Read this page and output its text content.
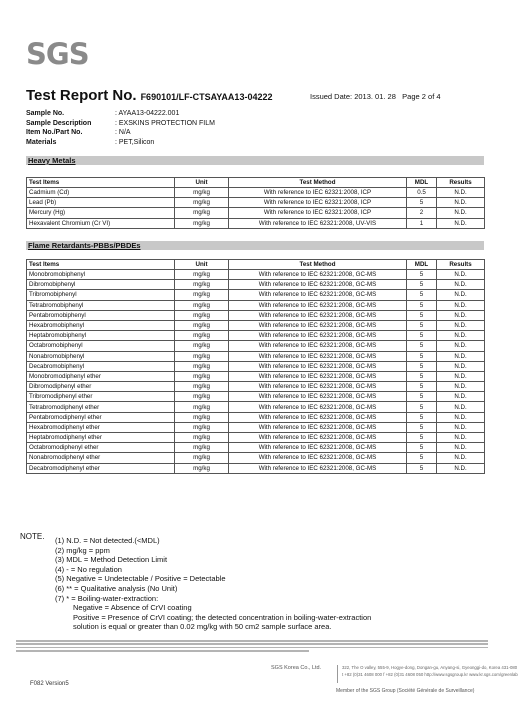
SGS
Test Report No. F690101/LF-CTSAYAA13-04222	Issued Date: 2013. 01. 28 Page 2 of 4
Sample No.	: AYAA13-04222.001
Sample Description	: EXSKINS PROTECTION FILM
Item No./Part No.	: N/A
Materials	: PET,Silicon
Heavy Metals
Test Items	Unit	Test Method	MDL	Results
Cadmium (Cd)	mg/kg	With reference to IEC 62321:2008, ICP	0.5	N.D.
Lead (Pb)	mg/kg	With reference to IEC 62321:2008, ICP	5	N.D.
Mercury (Hg)	mg/kg	With reference to IEC 62321:2008, ICP	2	N.D.
Hexavalent Chromium (Cr VI)	mg/kg	With reference to IEC 62321:2008, UV-VIS	1	N.D.
Flame Retardants-PBBs/PBDEs
Test Items	Unit	Test Method	MDL	Results
Monobromobiphenyl	mg/kg	With reference to IEC 62321:2008, GC-MS	5	N.D.
Dibromobiphenyl	mg/kg	With reference to IEC 62321:2008, GC-MS	5	N.D.
Tribromobiphenyl	mg/kg	With reference to IEC 62321:2008, GC-MS	5	N.D.
Tetrabromobiphenyl	mg/kg	With reference to IEC 62321:2008, GC-MS	5	N.D.
Pentabromobiphenyl	mg/kg	With reference to IEC 62321:2008, GC-MS	5	N.D.
Hexabromobiphenyl	mg/kg	With reference to IEC 62321:2008, GC-MS	5	N.D.
Heptabromobiphenyl	mg/kg	With reference to IEC 62321:2008, GC-MS	5	N.D.
Octabromobiphenyl	mg/kg	With reference to IEC 62321:2008, GC-MS	5	N.D.
Nonabromobiphenyl	mg/kg	With reference to IEC 62321:2008, GC-MS	5	N.D.
Decabromobiphenyl	mg/kg	With reference to IEC 62321:2008, GC-MS	5	N.D.
Monobromodiphenyl ether	mg/kg	With reference to IEC 62321:2008, GC-MS	5	N.D.
Dibromodiphenyl ether	mg/kg	With reference to IEC 62321:2008, GC-MS	5	N.D.
Tribromodiphenyl ether	mg/kg	With reference to IEC 62321:2008, GC-MS	5	N.D.
Tetrabromodiphenyl ether	mg/kg	With reference to IEC 62321:2008, GC-MS	5	N.D.
Pentabromodiphenyl ether	mg/kg	With reference to IEC 62321:2008, GC-MS	5	N.D.
Hexabromodiphenyl ether	mg/kg	With reference to IEC 62321:2008, GC-MS	5	N.D.
Heptabromodiphenyl ether	mg/kg	With reference to IEC 62321:2008, GC-MS	5	N.D.
Octabromodiphenyl ether	mg/kg	With reference to IEC 62321:2008, GC-MS	5	N.D.
Nonabromodiphenyl ether	mg/kg	With reference to IEC 62321:2008, GC-MS	5	N.D.
Decabromodiphenyl ether	mg/kg	With reference to IEC 62321:2008, GC-MS	5	N.D.
NOTE. (1) N.D. = Not detected.(<MDL)
(2) mg/kg = ppm
(3) MDL = Method Detection Limit
(4) - = No regulation
(5) Negative = Undetectable / Positive = Detectable
(6) ** = Qualitative analysis (No Unit)
(7) * = Boiling-water-extraction:
Negative = Absence of CrVI coating
Positive = Presence of CrVI coating; the detected concentration in boiling-water-extraction
solution is equal or greater than 0.02 mg/kg with 50 cm2 sample surface area.
SGS Korea Co., Ltd.	322, The O valley, 555-9, Hogye-dong, Dongan-gu, Anyang-si, Gyeonggi-do, Korea 431-080
t +82 (0)31 4608 000 f +82 (0)31 4608 050 http://www.sgsgroup.kr www.kr.sgs.com/greenlab
F082 Version5
Member of the SGS Group (Société Générale de Surveillance)
